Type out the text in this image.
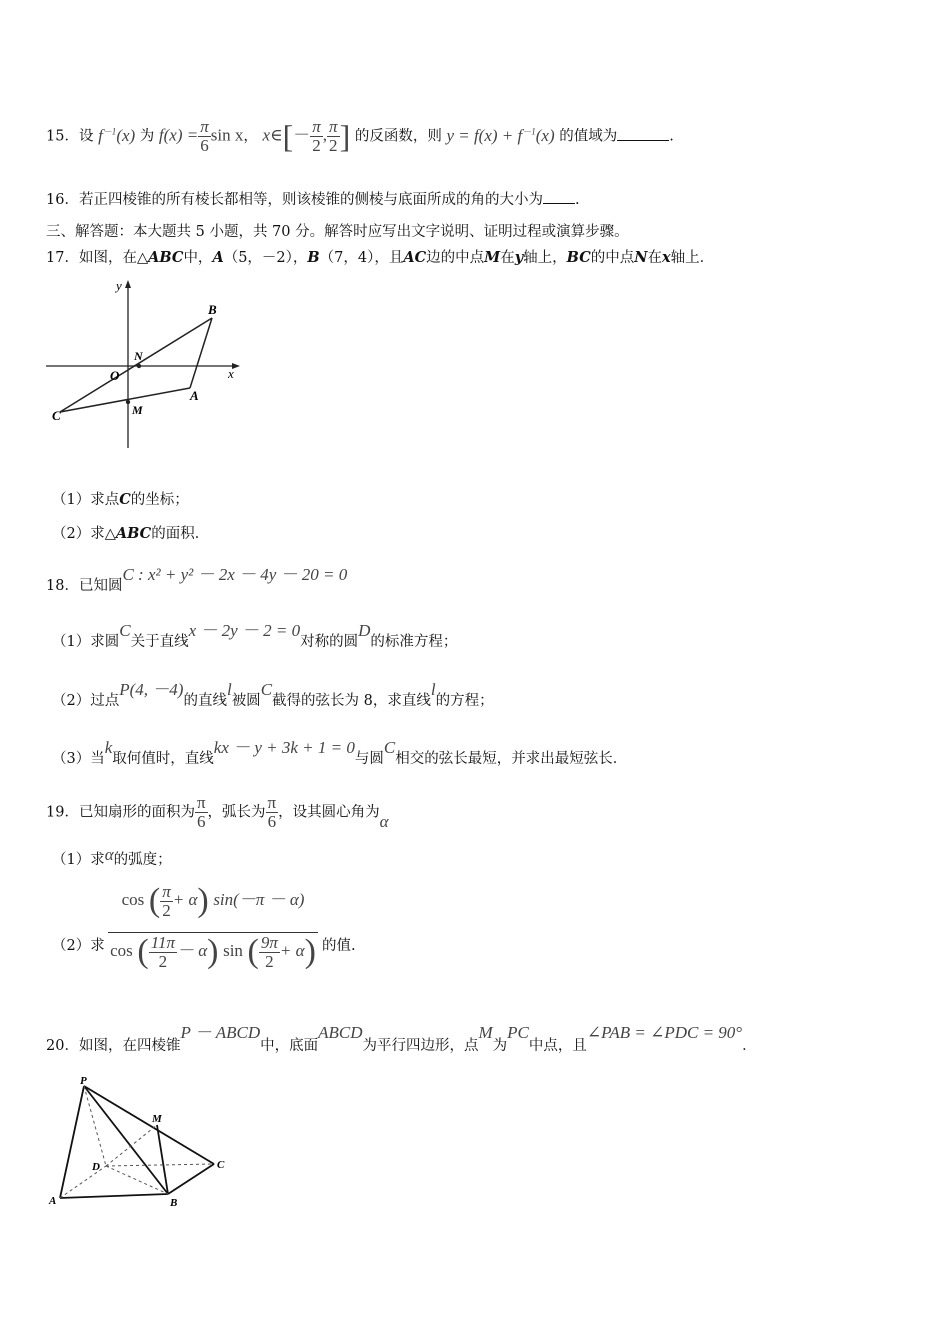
15．设 $f^{-1}(x)$ 为 $f(x) = \frac{\pi}{6}$ sin x， x∈[－ $\frac{\pi}{2}$ , $\frac{\pi}{2}$ ] 的反函数，则 $y = f(x) + f^{-1}(x)$ 的值域为	.
16．若正四棱锥的所有棱长都相等，则该棱锥的侧棱与底面所成的角的大小为 .
三、解答题：本大题共 5 小题，共 70 分。解答时应写出文字说明、证明过程或演算步骤。
17．如图，在△ABC中，A（5，－2），B（7，4），且AC边的中点M在y轴上，BC的中点N在x轴上．
y
x
O
N
B
A
M
C
（1）求点C的坐标；
（2）求△ABC的面积．
18．已知圆C : x² + y² － 2x － 4y － 20 = 0
（1）求圆C关于直线x － 2y － 2 = 0对称的圆D的标准方程；
（2）过点P(4, －4)的直线l被圆C截得的弦长为 8，求直线l的方程；
（3）当k取何值时，直线kx － y + 3k + 1 = 0与圆C相交的弦长最短，并求出最短弦长．
19．已知扇形的面积为 $\frac{\pi}{6}$ ，弧长为 $\frac{\pi}{6}$ ，设其圆心角为α
（1）求α的弧度；
（2）求
cos ( $\frac{\pi}{2} + \alpha$) sin(－π － α)
cos ( $\frac{11\pi}{2} - \alpha$) sin ( $\frac{9\pi}{2} + \alpha$) 的值.
20．如图，在四棱锥P － ABCD中，底面ABCD为平行四边形，点M为PC中点，且∠PAB = ∠PDC = 90°．
P
M
D	C
A	B
